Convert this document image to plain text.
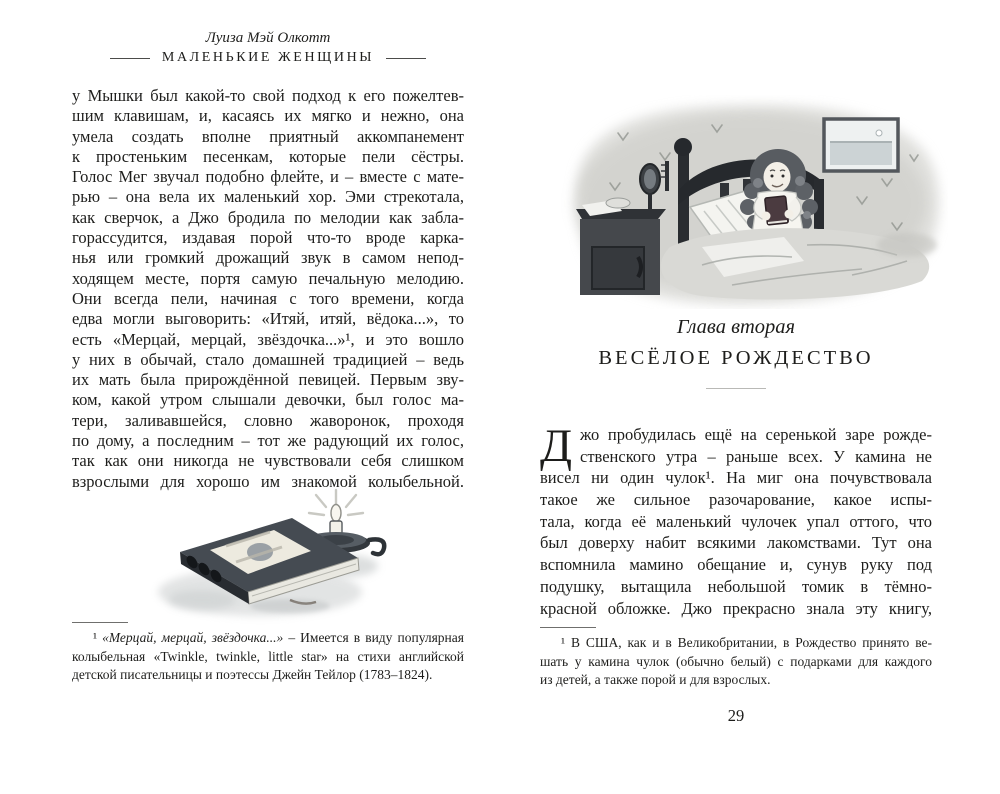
Луиза Мэй Олкотт
МАЛЕНЬКИЕ ЖЕНЩИНЫ
у Мышки был какой-то свой подход к его пожелтев-
шим клавишам, и, касаясь их мягко и нежно, она
умела создать вполне приятный аккомпанемент
к простеньким песенкам, которые пели сёстры.
Голос Мег звучал подобно флейте, и – вместе с мате-
рью – она вела их маленький хор. Эми стрекотала,
как сверчок, а Джо бродила по мелодии как забла-
горассудится, издавая порой что-то вроде карка-
нья или громкий дрожащий звук в самом непод-
ходящем месте, портя самую печальную мелодию.
Они всегда пели, начиная с того времени, когда
едва могли выговорить: «Итяй, итяй, вёдока...», то
есть «Мерцай, мерцай, звёздочка...»¹, и это вошло
у них в обычай, стало домашней традицией – ведь
их мать была прирождённой певицей. Первым зву-
ком, какой утром слышали девочки, был голос ма-
тери, заливавшейся, словно жаворонок, проходя
по дому, а последним – тот же радующий их голос,
так как они никогда не чувствовали себя слишком
взрослыми для хорошо им знакомой колыбельной.
¹ «Мерцай, мерцай, звёздочка...» – Имеется в виду популярная
колыбельная «Twinkle, twinkle, little star» на стихи английской
детской писательницы и поэтессы Джейн Тейлор (1783–1824).
Глава вторая
ВЕСЁЛОЕ РОЖДЕСТВО
Д жо пробудилась ещё на серенькой заре рожде-
ственского утра – раньше всех. У камина не
висел ни один чулок¹. На миг она почувствовала
такое же сильное разочарование, какое испы-
тала, когда её маленький чулочек упал оттого, что
был доверху набит всякими лакомствами. Тут она
вспомнила мамино обещание и, сунув руку под
подушку, вытащила небольшой томик в тёмно-
красной обложке. Джо прекрасно знала эту книгу,
¹ В США, как и в Великобритании, в Рождество принято ве-
шать у камина чулок (обычно белый) с подарками для каждого
из детей, а также порой и для взрослых.
29
